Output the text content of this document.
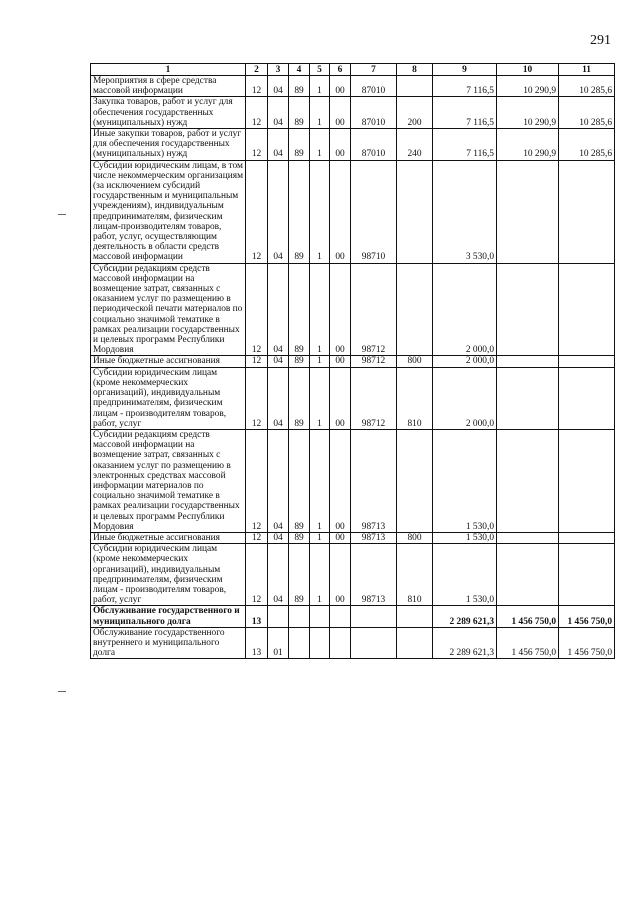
291
1	2	3	4	5	6	7	8	9	10	11
Мероприятия в сфере средства массовой информации	12	04	89	1	00	87010		7 116,5	10 290,9	10 285,6
Закупка товаров, работ и услуг для обеспечения государственных (муниципальных) нужд	12	04	89	1	00	87010	200	7 116,5	10 290,9	10 285,6
Иные закупки товаров, работ и услуг для обеспечения государственных (муниципальных) нужд	12	04	89	1	00	87010	240	7 116,5	10 290,9	10 285,6
Субсидии юридическим лицам, в том числе некоммерческим организациям (за исключением субсидий государственным и муниципальным учреждениям), индивидуальным предпринимателям, физическим лицам-производителям товаров, работ, услуг, осуществляющим деятельность в области средств массовой информации	12	04	89	1	00	98710		3 530,0		
Субсидии редакциям средств массовой информации на возмещение затрат, связанных с оказанием услуг по размещению в периодической печати материалов по социально значимой тематике в рамках реализации государственных и целевых программ Республики Мордовия	12	04	89	1	00	98712		2 000,0		
Иные бюджетные ассигнования	12	04	89	1	00	98712	800	2 000,0		
Субсидии юридическим лицам (кроме некоммерческих организаций), индивидуальным предпринимателям, физическим лицам - производителям товаров, работ, услуг	12	04	89	1	00	98712	810	2 000,0		
Субсидии редакциям средств массовой информации на возмещение затрат, связанных с оказанием услуг по размещению в электронных средствах массовой информации материалов по социально значимой тематике в рамках реализации государственных и целевых программ Республики Мордовия	12	04	89	1	00	98713		1 530,0		
Иные бюджетные ассигнования	12	04	89	1	00	98713	800	1 530,0		
Субсидии юридическим лицам (кроме некоммерческих организаций), индивидуальным предпринимателям, физическим лицам - производителям товаров, работ, услуг	12	04	89	1	00	98713	810	1 530,0		
Обслуживание государственного и муниципального долга	13							2 289 621,3	1 456 750,0	1 456 750,0
Обслуживание государственного внутреннего и муниципального долга	13	01						2 289 621,3	1 456 750,0	1 456 750,0
